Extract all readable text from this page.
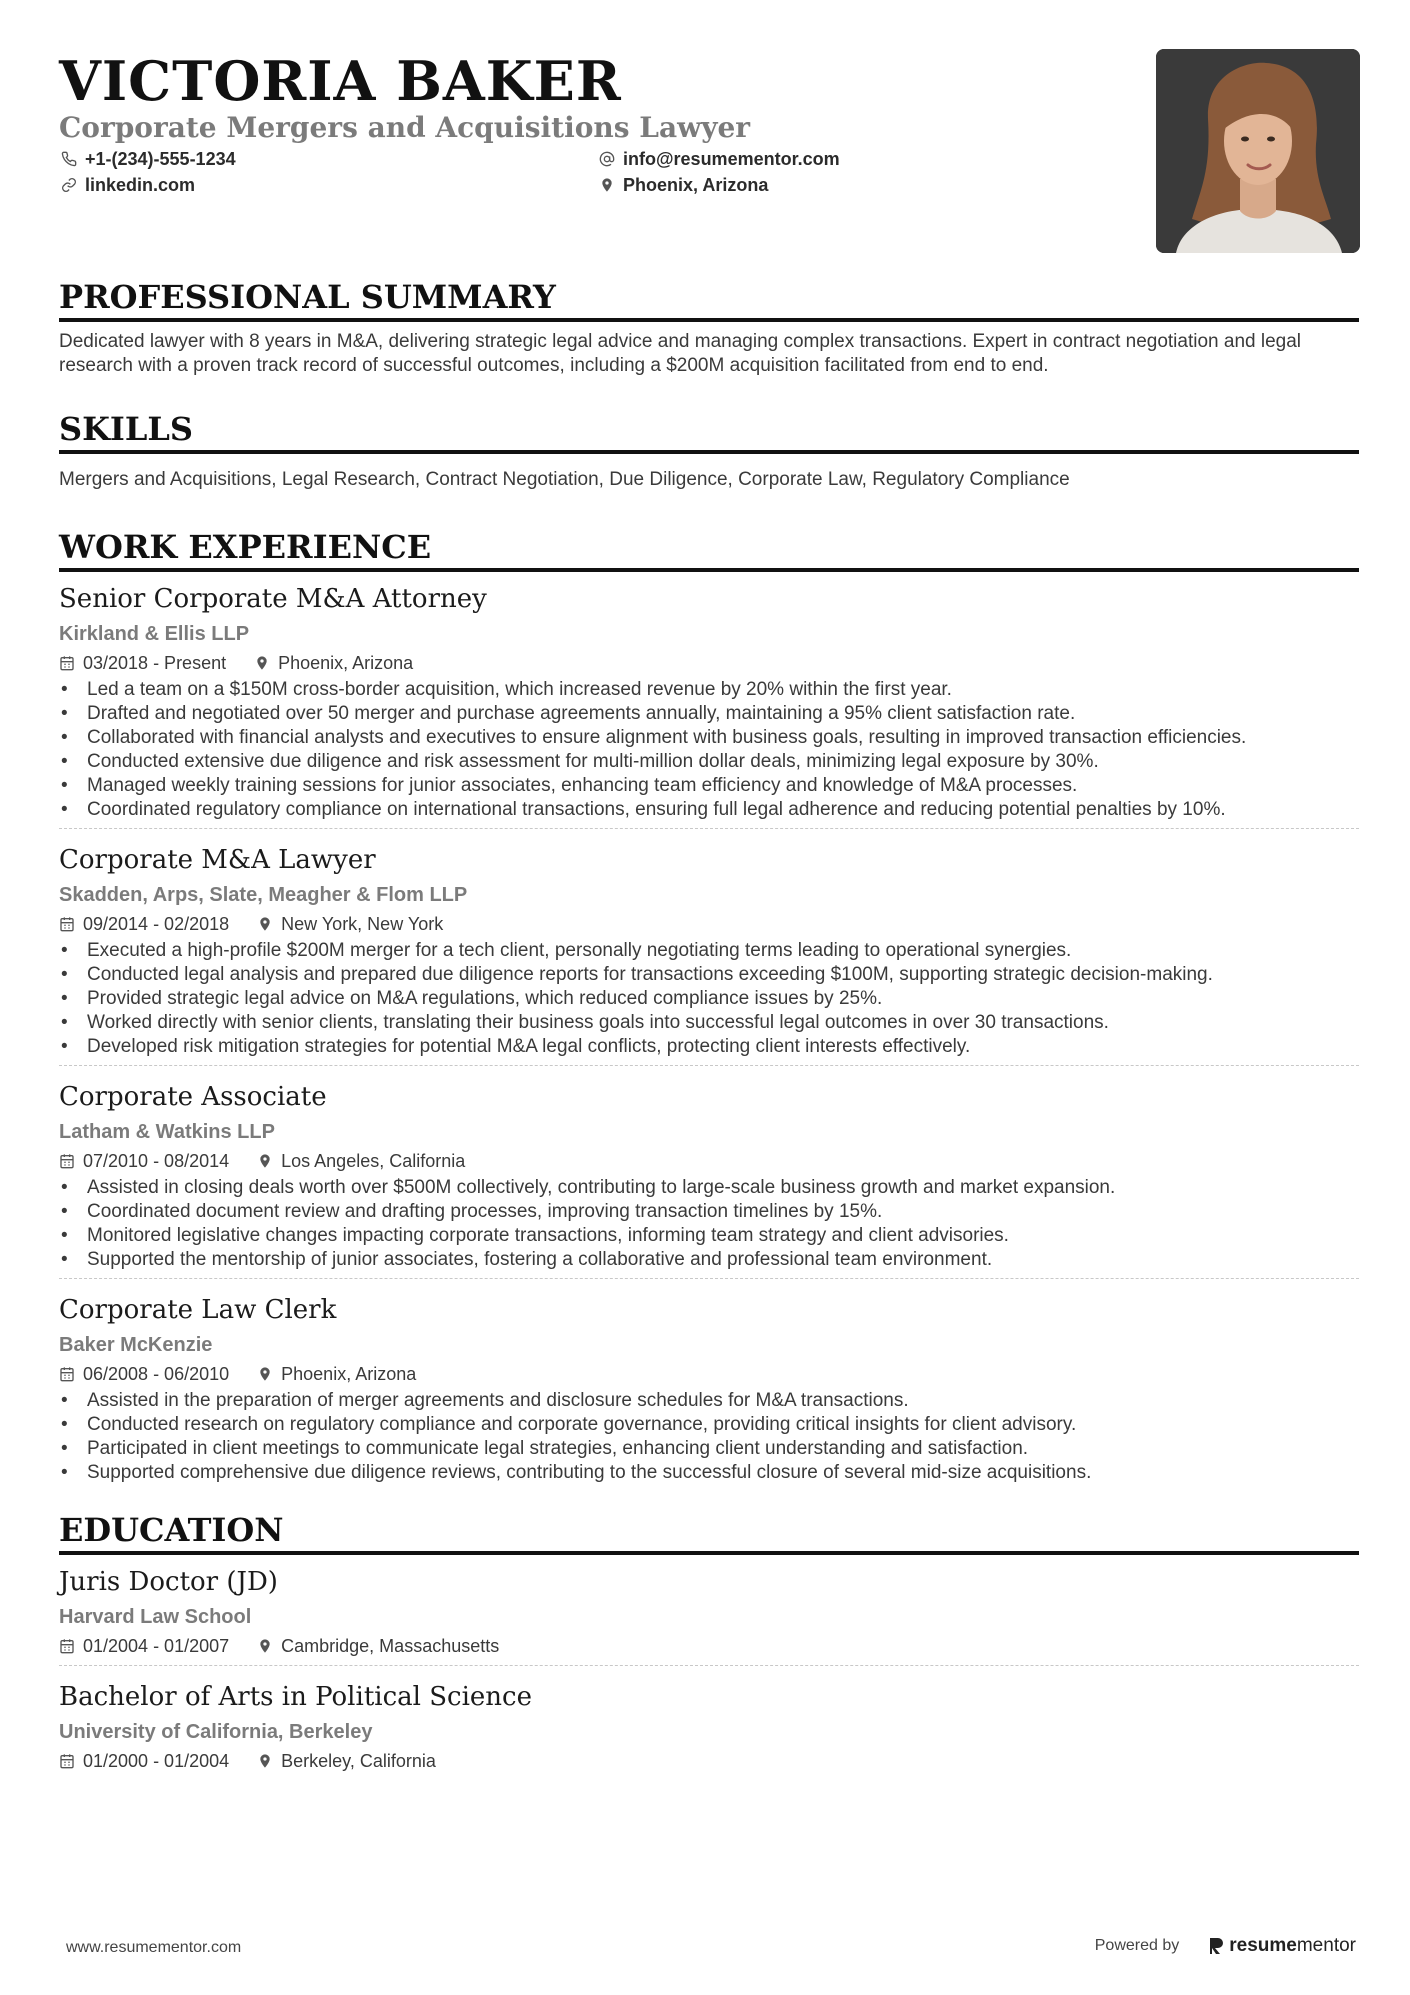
VICTORIA BAKER
Corporate Mergers and Acquisitions Lawyer
+1-(234)-555-1234	info@resumementor.com
linkedin.com	Phoenix, Arizona
PROFESSIONAL SUMMARY

Dedicated lawyer with 8 years in M&A, delivering strategic legal advice and managing complex transactions. Expert in contract negotiation and legal research with a proven track record of successful outcomes, including a $200M acquisition facilitated from end to end.

SKILLS

Mergers and Acquisitions, Legal Research, Contract Negotiation, Due Diligence, Corporate Law, Regulatory Compliance

WORK EXPERIENCE
Senior Corporate M&A Attorney
Kirkland & Ellis LLP
03/2018 - Present	Phoenix, Arizona
• Led a team on a $150M cross-border acquisition, which increased revenue by 20% within the first year.
• Drafted and negotiated over 50 merger and purchase agreements annually, maintaining a 95% client satisfaction rate.
• Collaborated with financial analysts and executives to ensure alignment with business goals, resulting in improved transaction efficiencies.
• Conducted extensive due diligence and risk assessment for multi-million dollar deals, minimizing legal exposure by 30%.
• Managed weekly training sessions for junior associates, enhancing team efficiency and knowledge of M&A processes.
• Coordinated regulatory compliance on international transactions, ensuring full legal adherence and reducing potential penalties by 10%.
Corporate M&A Lawyer
Skadden, Arps, Slate, Meagher & Flom LLP
09/2014 - 02/2018	New York, New York
• Executed a high-profile $200M merger for a tech client, personally negotiating terms leading to operational synergies.
• Conducted legal analysis and prepared due diligence reports for transactions exceeding $100M, supporting strategic decision-making.
• Provided strategic legal advice on M&A regulations, which reduced compliance issues by 25%.
• Worked directly with senior clients, translating their business goals into successful legal outcomes in over 30 transactions.
• Developed risk mitigation strategies for potential M&A legal conflicts, protecting client interests effectively.
Corporate Associate
Latham & Watkins LLP
07/2010 - 08/2014	Los Angeles, California
• Assisted in closing deals worth over $500M collectively, contributing to large-scale business growth and market expansion.
• Coordinated document review and drafting processes, improving transaction timelines by 15%.
• Monitored legislative changes impacting corporate transactions, informing team strategy and client advisories.
• Supported the mentorship of junior associates, fostering a collaborative and professional team environment.
Corporate Law Clerk
Baker McKenzie
06/2008 - 06/2010	Phoenix, Arizona
• Assisted in the preparation of merger agreements and disclosure schedules for M&A transactions.
• Conducted research on regulatory compliance and corporate governance, providing critical insights for client advisory.
• Participated in client meetings to communicate legal strategies, enhancing client understanding and satisfaction.
• Supported comprehensive due diligence reviews, contributing to the successful closure of several mid-size acquisitions.
EDUCATION
Juris Doctor (JD)
Harvard Law School
01/2004 - 01/2007	Cambridge, Massachusetts
Bachelor of Arts in Political Science
University of California, Berkeley
01/2000 - 01/2004	Berkeley, California
www.resumementor.com	Powered by	resume mentor
